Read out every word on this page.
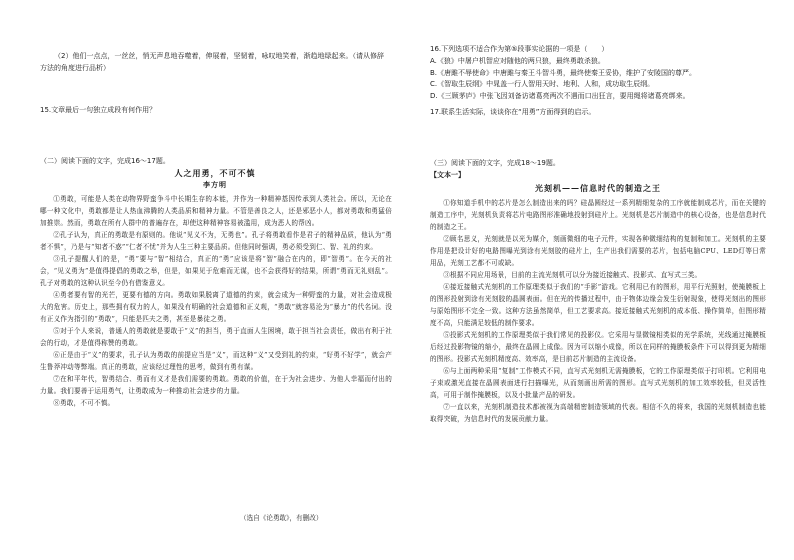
（2）他们一点点，一丝丝，悄无声息地吞噬着，伸展着，坚韧着，咏叹地笑着，渐趋地绿起来。（请从修辞方法的角度进行品析）
15.文章最后一句独立成段有何作用？
（二）阅读下面的文字，完成16～17题。
人之用勇，不可不慎
李方明

①勇敢，可能是人类在动物界野蛮争斗中长期生存的本能，并作为一种精神基因传承到人类社会。所以，无论在哪一种文化中，勇敢都是让人热血沸腾的人类品质和精神力量。不管是善良之人，还是邪恶小人，都对勇敢和勇猛倍加推崇。然而，勇敢在所有人群中的普遍存在，却使这种精神容易被滥用，成为恶人的帮凶。

②孔子认为，真正的勇敢是有原则的。他说“见义不为，无勇也”。孔子将勇敢看作是君子的精神品质，他认为“勇者不惧”，乃是与“知者不惑”“仁者不忧”并为人生三种主要品质。但他同时强调，勇必须受到仁、智、礼的约束。

③孔子提醒人们的是，“勇”要与“智”相结合，真正的“勇”应该是将“智”融合在内的，即“智勇”。在今天的社会，“见义勇为”是值得提倡的勇敢之举，但是，如果见于危难而无谋，也不会获得好的结果，所谓“勇而无礼则乱”。孔子对勇敢的这种认识至今仍有借鉴意义。

④勇者要有智的光芒，更要有德的方向。勇敢如果脱离了道德的约束，就会成为一种野蛮的力量，对社会造成极大的危害。历史上，那些拥有权力的人，如果没有明确的社会道德和正义观，“勇敢”就容易沦为“暴力”的代名词。没有正义作为指引的“勇敢”，只能是匹夫之勇，甚至是暴徒之勇。

⑤对于个人来说，普通人的勇敢就是要敢于“义”的担当，勇于直面人生困境，敢于担当社会责任，做出有利于社会的行动，才是值得称赞的勇敢。

⑥正是由于“义”的要求，孔子认为勇敢的前提应当是“义”，而这种“义”又受到礼的约束，“好勇不好学”，就会产生鲁莽冲动等弊端。真正的勇敢，应该经过理性的思考，做到有勇有谋。

⑦在和平年代，智勇结合、勇而有义才是我们需要的勇敢。勇敢的价值，在于为社会进步、为他人幸福而付出的力量。我们要善于运用勇气，让勇敢成为一种推动社会进步的力量。

⑧勇敢，不可不慎。

（选自《论勇敢》，有删改）
16.下列选项不适合作为第⑤段事实论据的一项是（　　）

A.《狼》中屠户机智应对随他的两只狼，最终勇敢杀狼。

B.《唐雎不辱使命》中唐雎与秦王斗智斗勇，最终使秦王妥协，维护了安陵国的尊严。

C.《智取生辰纲》中晁盖一行人智用天时、地利、人和，成功取生辰纲。

D.《三顾茅庐》中张飞因刘备访诸葛亮两次不遇而口出狂言，要用绳将诸葛亮绑来。

17.联系生活实际，谈谈你在“用勇”方面得到的启示。
（三）阅读下面的文字，完成18～19题。
【文本一】
光刻机——信息时代的制造之王

①你知道手机中的芯片是怎么制造出来的吗？硅晶圆经过一系列精细复杂的工序就能制成芯片，而在关键的制造工序中，光刻机负责将芯片电路图形准确地投射到硅片上。光刻机是芯片制造中的核心设备，也是信息时代的制造之王。

②顾名思义，光刻就是以光为媒介，刻画微细的电子元件，实现各种微细结构的复制和加工。光刻机的主要作用是把设计好的电路图曝光到涂有光刻胶的硅片上，生产出我们需要的芯片，包括电脑CPU、LED灯等日常用品，光刻工艺都不可或缺。

③根据不同应用场景，目前的主流光刻机可以分为接近接触式、投影式、直写式三类。

④接近接触式光刻机的工作原理类似于我们的“手影”游戏。它利用已有的图形，用平行光照射，使掩膜板上的图形投射到涂有光刻胶的晶圆表面。但在光的传播过程中，由于物体边缘会发生衍射现象，使得光刻出的图形与原始图形不完全一致。这种方法虽然简单，但工艺要求高。接近接触式光刻机的成本低、操作简单，但图形精度不高，只能满足较低的制作要求。

⑤投影式光刻机的工作原理类似于我们常见的投影仪。它采用与显微镜相类似的光学系统，光线通过掩膜板后经过投影物镜的缩小，最终在晶圆上成像。因为可以缩小成像，所以在同样的掩膜板条件下可以得到更为精细的图形。投影式光刻机精度高、效率高，是目前芯片制造的主流设备。

⑥与上面两种采用“复制”工作模式不同，直写式光刻机无需掩膜板，它的工作原理类似于打印机。它利用电子束或激光直接在晶圆表面进行扫描曝光，从而刻画出所需的图形。直写式光刻机的加工效率较低，但灵活性高，可用于制作掩膜板，以及小批量产品的研发。

⑦一直以来，光刻机制造技术都被视为高端精密制造领域的代表。相信不久的将来，我国的光刻机制造也能取得突破，为信息时代的发展贡献力量。
